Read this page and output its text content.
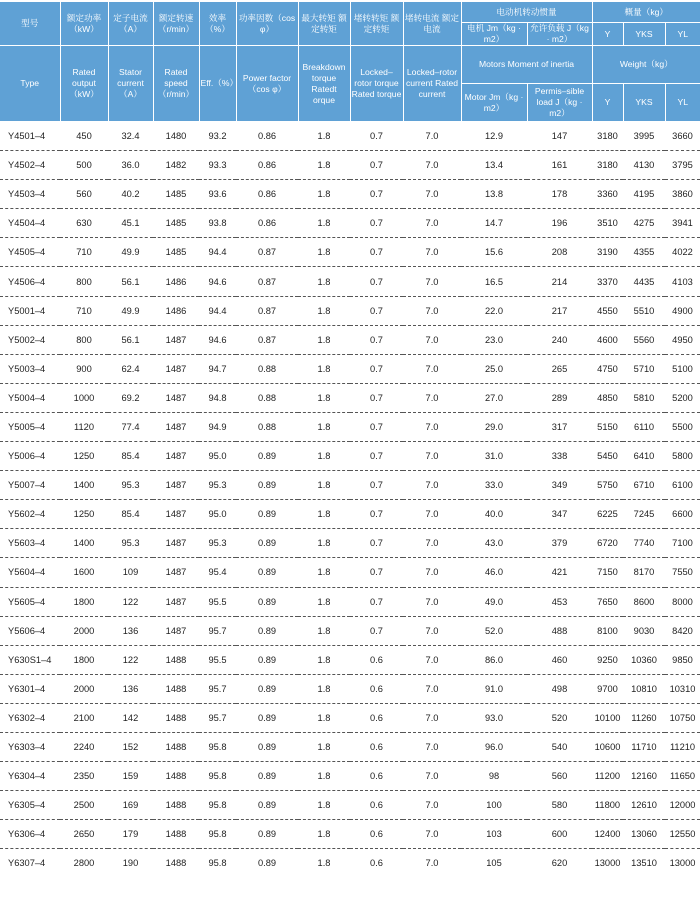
型号	额定功率（kW）	定子电流（A）	额定转速（r/min）	效率（%）	功率因数（cos φ）	最大转矩 额定转矩	堵转转矩 额定转矩	堵转电流 额定电流	电动机转动惯量		概量（kg）		
									电机 Jm（kg · m2）	允许负载 J（kg · m2）	Y	YKS	YL
Type	Rated output（kW）	Stator current（A）	Rated speed（r/min）	Eff.（%）	Power factor（cos φ）	Breakdown torque Ratedt orque	Locked–rotor torque Rated torque	Locked–rotor current Rated current	Motors Moment of inertia		Weight（kg）		
									Motor Jm（kg · m2）	Permis–sible load J（kg · m2）	Y	YKS	YL
Y4501–4	450	32.4	1480	93.2	0.86	1.8	0.7	7.0	12.9	147	3180	3995	3660
Y4502–4	500	36.0	1482	93.3	0.86	1.8	0.7	7.0	13.4	161	3180	4130	3795
Y4503–4	560	40.2	1485	93.6	0.86	1.8	0.7	7.0	13.8	178	3360	4195	3860
Y4504–4	630	45.1	1485	93.8	0.86	1.8	0.7	7.0	14.7	196	3510	4275	3941
Y4505–4	710	49.9	1485	94.4	0.87	1.8	0.7	7.0	15.6	208	3190	4355	4022
Y4506–4	800	56.1	1486	94.6	0.87	1.8	0.7	7.0	16.5	214	3370	4435	4103
Y5001–4	710	49.9	1486	94.4	0.87	1.8	0.7	7.0	22.0	217	4550	5510	4900
Y5002–4	800	56.1	1487	94.6	0.87	1.8	0.7	7.0	23.0	240	4600	5560	4950
Y5003–4	900	62.4	1487	94.7	0.88	1.8	0.7	7.0	25.0	265	4750	5710	5100
Y5004–4	1000	69.2	1487	94.8	0.88	1.8	0.7	7.0	27.0	289	4850	5810	5200
Y5005–4	1120	77.4	1487	94.9	0.88	1.8	0.7	7.0	29.0	317	5150	6110	5500
Y5006–4	1250	85.4	1487	95.0	0.89	1.8	0.7	7.0	31.0	338	5450	6410	5800
Y5007–4	1400	95.3	1487	95.3	0.89	1.8	0.7	7.0	33.0	349	5750	6710	6100
Y5602–4	1250	85.4	1487	95.0	0.89	1.8	0.7	7.0	40.0	347	6225	7245	6600
Y5603–4	1400	95.3	1487	95.3	0.89	1.8	0.7	7.0	43.0	379	6720	7740	7100
Y5604–4	1600	109	1487	95.4	0.89	1.8	0.7	7.0	46.0	421	7150	8170	7550
Y5605–4	1800	122	1487	95.5	0.89	1.8	0.7	7.0	49.0	453	7650	8600	8000
Y5606–4	2000	136	1487	95.7	0.89	1.8	0.7	7.0	52.0	488	8100	9030	8420
Y630S1–4	1800	122	1488	95.5	0.89	1.8	0.6	7.0	86.0	460	9250	10360	9850
Y6301–4	2000	136	1488	95.7	0.89	1.8	0.6	7.0	91.0	498	9700	10810	10310
Y6302–4	2100	142	1488	95.7	0.89	1.8	0.6	7.0	93.0	520	10100	11260	10750
Y6303–4	2240	152	1488	95.8	0.89	1.8	0.6	7.0	96.0	540	10600	11710	11210
Y6304–4	2350	159	1488	95.8	0.89	1.8	0.6	7.0	98	560	11200	12160	11650
Y6305–4	2500	169	1488	95.8	0.89	1.8	0.6	7.0	100	580	11800	12610	12000
Y6306–4	2650	179	1488	95.8	0.89	1.8	0.6	7.0	103	600	12400	13060	12550
Y6307–4	2800	190	1488	95.8	0.89	1.8	0.6	7.0	105	620	13000	13510	13000
